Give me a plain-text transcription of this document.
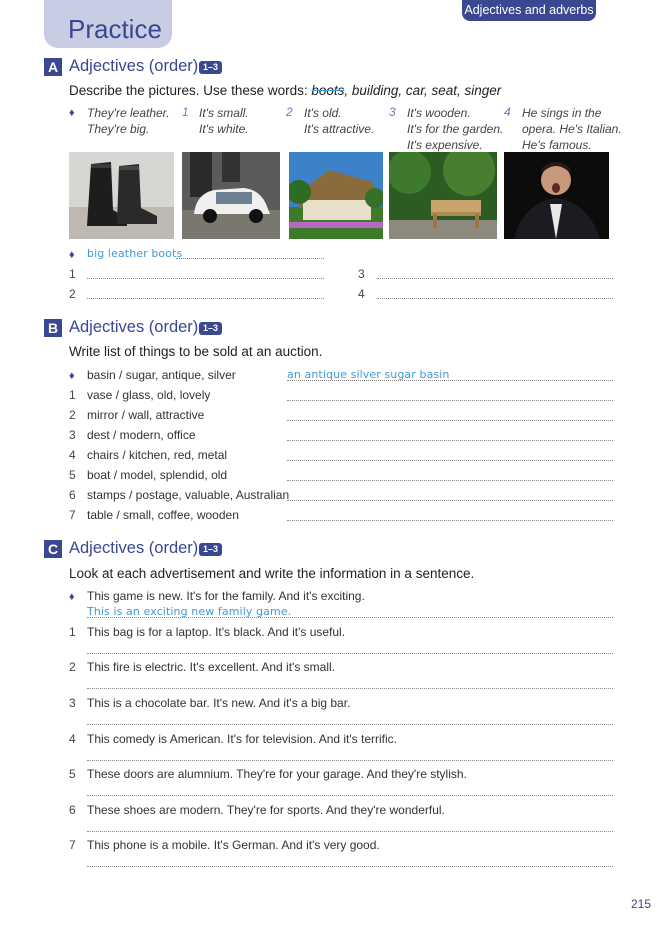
Practice
Adjectives and adverbs
A Adjectives (order) 1–3
Describe the pictures. Use these words: boots, building, car, seat, singer
♦ They're leather.
They're big.
1 It's small.
It's white.
2 It's old.
It's attractive.
3 It's wooden.
It's for the garden.
It's expensive.
4 He sings in the
opera. He's Italian.
He's famous.
♦ big leather boots
1	3
2	4
B Adjectives (order) 1–3
Write list of things to be sold at an auction.
♦ basin / sugar, antique, silver	an antique silver sugar basin
1 vase / glass, old, lovely
2 mirror / wall, attractive
3 dest / modern, office
4 chairs / kitchen, red, metal
5 boat / model, splendid, old
6 stamps / postage, valuable, Australian
7 table / small, coffee, wooden
C Adjectives (order) 1–3
Look at each advertisement and write the information in a sentence.
♦ This game is new. It's for the family. And it's exciting.
This is an exciting new family game.
1 This bag is for a laptop. It's black. And it's useful.
2 This fire is electric. It's excellent. And it's small.
3 This is a chocolate bar. It's new. And it's a big bar.
4 This comedy is American. It's for television. And it's terrific.
5 These doors are alumnium. They're for your garage. And they're stylish.
6 These shoes are modern. They're for sports. And they're wonderful.
7 This phone is a mobile. It's German. And it's very good.
215
